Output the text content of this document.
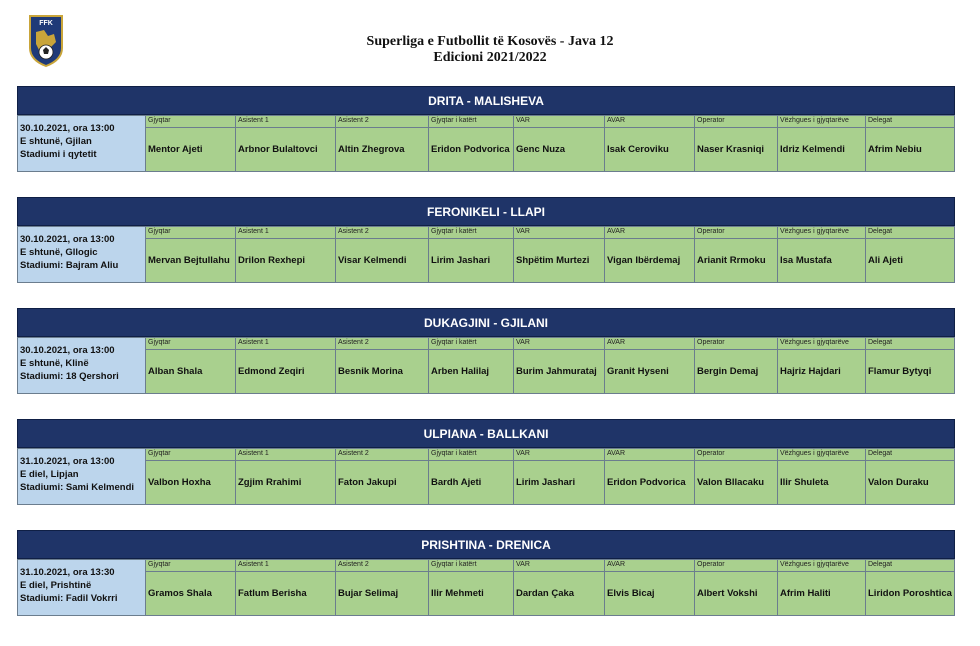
FFK
Superliga e Futbollit të Kosovës - Java 12
Edicioni 2021/2022
DRITA - MALISHEVA
30.10.2021, ora 13:00
E shtunë, Gjilan
Stadiumi i qytetit
Gjyqtar
Mentor Ajeti
Asistent 1
Arbnor Bulaltovci
Asistent 2
Altin Zhegrova
Gjyqtar i katërt
Eridon Podvorica
VAR
Genc Nuza
AVAR
Isak Ceroviku
Operator
Naser Krasniqi
Vëzhgues i gjyqtarëve
Idriz Kelmendi
Delegat
Afrim Nebiu
FERONIKELI - LLAPI
30.10.2021, ora 13:00
E shtunë, Gllogic
Stadiumi: Bajram Aliu
Gjyqtar
Mervan Bejtullahu
Asistent 1
Drilon Rexhepi
Asistent 2
Visar Kelmendi
Gjyqtar i katërt
Lirim Jashari
VAR
Shpëtim Murtezi
AVAR
Vigan Ibërdemaj
Operator
Arianit Rrmoku
Vëzhgues i gjyqtarëve
Isa Mustafa
Delegat
Ali Ajeti
DUKAGJINI - GJILANI
30.10.2021, ora 13:00
E shtunë, Klinë
Stadiumi: 18 Qershori
Gjyqtar
Alban Shala
Asistent 1
Edmond Zeqiri
Asistent 2
Besnik Morina
Gjyqtar i katërt
Arben Halilaj
VAR
Burim Jahmurataj
AVAR
Granit Hyseni
Operator
Bergin Demaj
Vëzhgues i gjyqtarëve
Hajriz Hajdari
Delegat
Flamur Bytyqi
ULPIANA - BALLKANI
31.10.2021, ora 13:00
E diel, Lipjan
Stadiumi: Sami Kelmendi
Gjyqtar
Valbon Hoxha
Asistent 1
Zgjim Rrahimi
Asistent 2
Faton Jakupi
Gjyqtar i katërt
Bardh Ajeti
VAR
Lirim Jashari
AVAR
Eridon Podvorica
Operator
Valon Bllacaku
Vëzhgues i gjyqtarëve
Ilir Shuleta
Delegat
Valon Duraku
PRISHTINA - DRENICA
31.10.2021, ora 13:30
E diel, Prishtinë
Stadiumi: Fadil Vokrri
Gjyqtar
Gramos Shala
Asistent 1
Fatlum Berisha
Asistent 2
Bujar Selimaj
Gjyqtar i katërt
Ilir Mehmeti
VAR
Dardan Çaka
AVAR
Elvis Bicaj
Operator
Albert Vokshi
Vëzhgues i gjyqtarëve
Afrim Haliti
Delegat
Liridon Poroshtica
